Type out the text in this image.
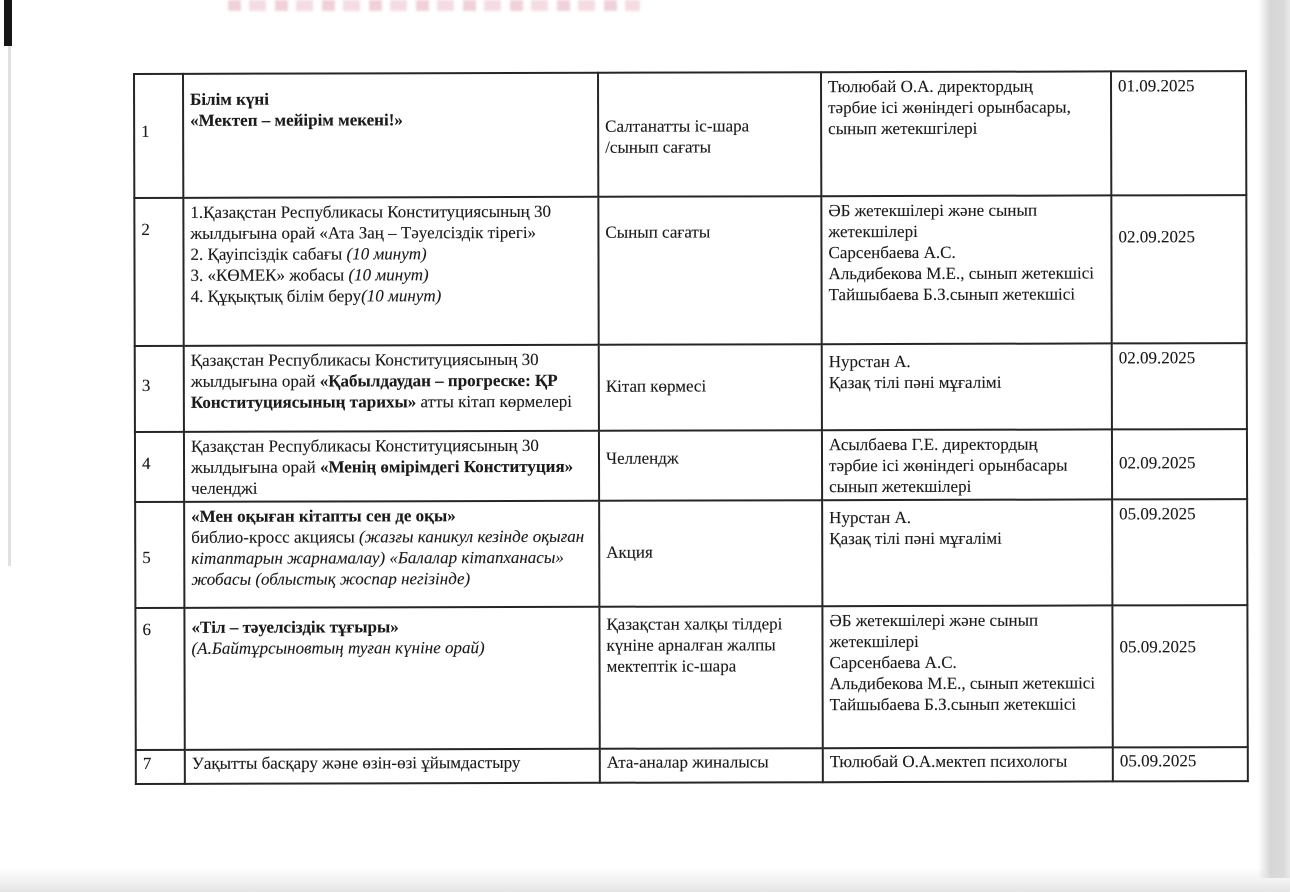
1	Білім күні
«Мектеп – мейірім мекені!»	Салтанатты іс-шара
/сынып сағаты	Тюлюбай О.А. директордың
тәрбие ісі жөніндегі орынбасары,
сынып жетекшгілері	01.09.2025
2	1.Қазақстан Республикасы Конституциясының 30 жылдығына орай «Ата Заң – Тәуелсіздік тірегі»
2. Қауіпсіздік сабағы (10 минут)
3. «КӨМЕК» жобасы (10 минут)
4. Құқықтық білім беру(10 минут)	Сынып сағаты	ӘБ жетекшілері және сынып жетекшілері
Сарсенбаева А.С.
Альдибекова М.Е., сынып жетекшісі
Тайшыбаева Б.З.сынып жетекшісі	02.09.2025
3	Қазақстан Республикасы Конституциясының 30 жылдығына орай «Қабылдаудан – прогреске: ҚР Конституциясының тарихы» атты кітап көрмелері	Кітап көрмесі	Нурстан А.
Қазақ тілі пәні мұғалімі	02.09.2025
4	Қазақстан Республикасы Конституциясының 30 жылдығына орай «Менің өмірімдегі Конституция» челенджі	Челлендж	Асылбаева Г.Е. директордың
тәрбие ісі жөніндегі орынбасары
сынып жетекшілері	02.09.2025
5	«Мен оқыған кітапты сен де оқы»
библио-кросс акциясы (жазғы каникул кезінде оқыған кітаптарын жарнамалау) «Балалар кітапханасы» жобасы (облыстық жоспар негізінде)	Акция	Нурстан А.
Қазақ тілі пәні мұғалімі	05.09.2025
6	«Тіл – тәуелсіздік тұғыры»
(А.Байтұрсыновтың туған күніне орай)	Қазақстан халқы тілдері күніне арналған жалпы мектептік іс-шара	ӘБ жетекшілері және сынып жетекшілері
Сарсенбаева А.С.
Альдибекова М.Е., сынып жетекшісі
Тайшыбаева Б.З.сынып жетекшісі	05.09.2025
7	Уақытты басқару және өзін-өзі ұйымдастыру	Ата-аналар жиналысы	Тюлюбай О.А.мектеп психологы	05.09.2025
